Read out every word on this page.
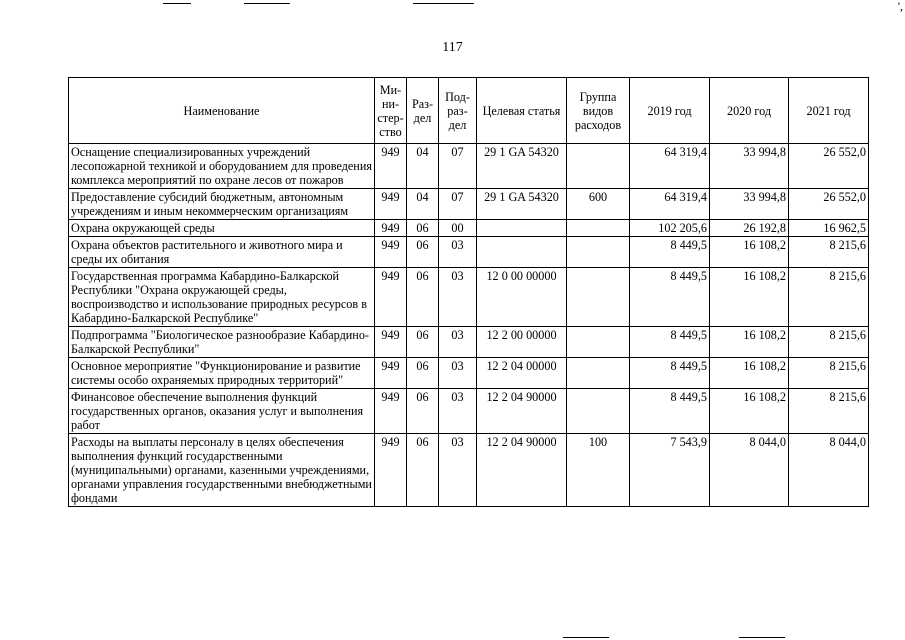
',
117
Наименование	Ми-ни-стер-ство	Раз-дел	Под-раз-дел	Целевая статья	Группа видов расходов	2019 год	2020 год	2021 год
Оснащение специализированных учреждений лесопожарной техникой и оборудованием для проведения комплекса мероприятий по охране лесов от пожаров	949	04	07	29 1 GA 54320		64 319,4	33 994,8	26 552,0
Предоставление субсидий бюджетным, автономным учреждениям и иным некоммерческим организациям	949	04	07	29 1 GA 54320	600	64 319,4	33 994,8	26 552,0
Охрана окружающей среды	949	06	00			102 205,6	26 192,8	16 962,5
Охрана объектов растительного и животного мира и среды их обитания	949	06	03			8 449,5	16 108,2	8 215,6
Государственная программа Кабардино-Балкарской Республики "Охрана окружающей среды, воспроизводство и использование природных ресурсов в Кабардино-Балкарской Республике"	949	06	03	12 0 00 00000		8 449,5	16 108,2	8 215,6
Подпрограмма "Биологическое разнообразие Кабардино-Балкарской Республики"	949	06	03	12 2 00 00000		8 449,5	16 108,2	8 215,6
Основное мероприятие "Функционирование и развитие системы особо охраняемых природных территорий"	949	06	03	12 2 04 00000		8 449,5	16 108,2	8 215,6
Финансовое обеспечение выполнения функций государственных органов, оказания услуг и выполнения работ	949	06	03	12 2 04 90000		8 449,5	16 108,2	8 215,6
Расходы на выплаты персоналу в целях обеспечения выполнения функций государственными (муниципальными) органами, казенными учреждениями, органами управления государственными внебюджетными фондами	949	06	03	12 2 04 90000	100	7 543,9	8 044,0	8 044,0
